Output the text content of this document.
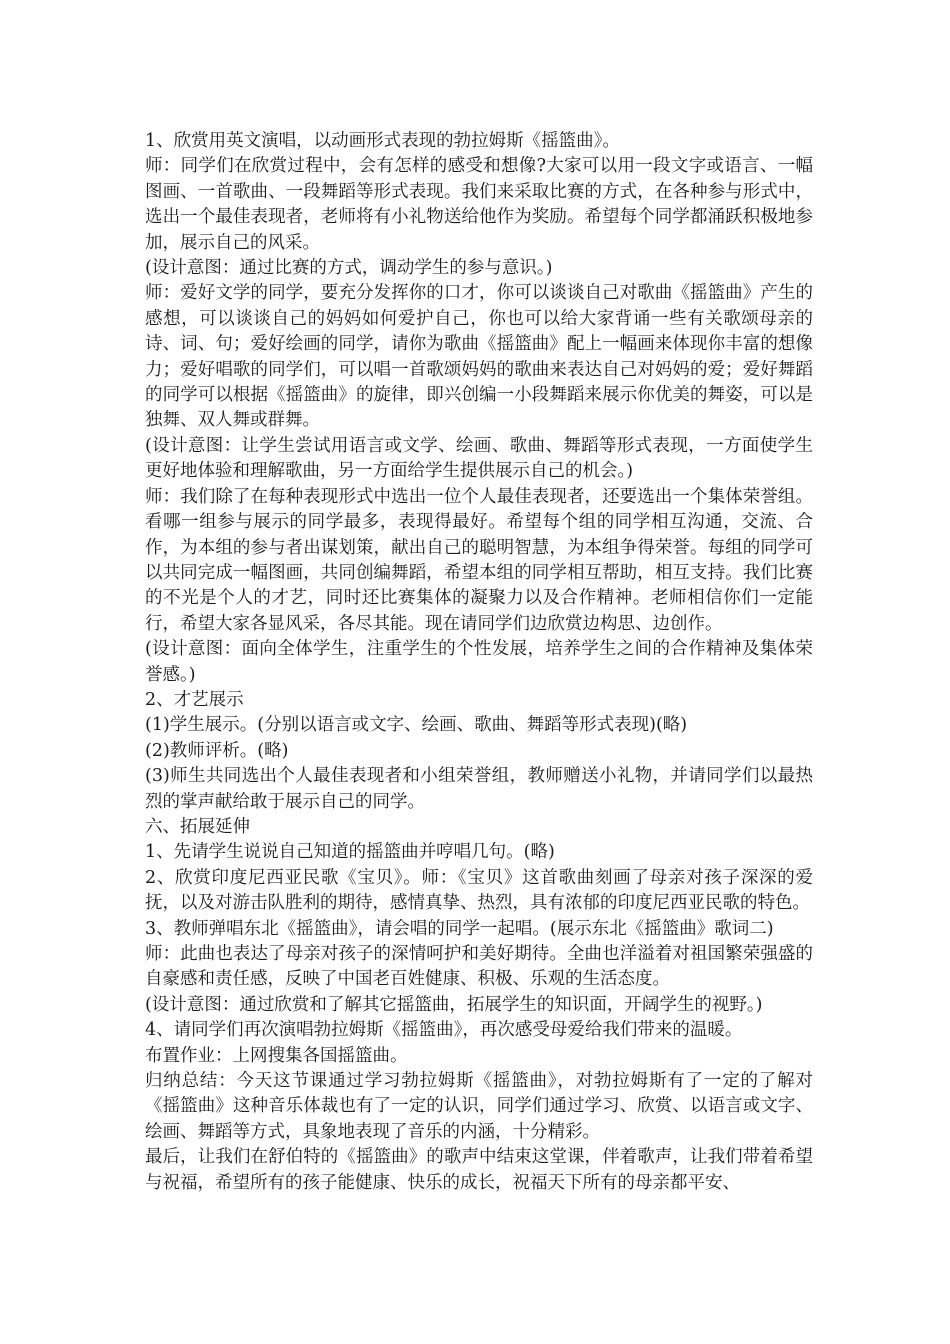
1、欣赏用英文演唱，以动画形式表现的勃拉姆斯《摇篮曲》。

师：同学们在欣赏过程中，会有怎样的感受和想像?大家可以用一段文字或语言、一幅图画、一首歌曲、一段舞蹈等形式表现。我们来采取比赛的方式，在各种参与形式中，选出一个最佳表现者，老师将有小礼物送给他作为奖励。希望每个同学都涌跃积极地参加，展示自己的风采。

(设计意图：通过比赛的方式，调动学生的参与意识。)

师：爱好文学的同学，要充分发挥你的口才，你可以谈谈自己对歌曲《摇篮曲》产生的感想，可以谈谈自己的妈妈如何爱护自己，你也可以给大家背诵一些有关歌颂母亲的诗、词、句；爱好绘画的同学，请你为歌曲《摇篮曲》配上一幅画来体现你丰富的想像力；爱好唱歌的同学们，可以唱一首歌颂妈妈的歌曲来表达自己对妈妈的爱；爱好舞蹈的同学可以根据《摇篮曲》的旋律，即兴创编一小段舞蹈来展示你优美的舞姿，可以是独舞、双人舞或群舞。

(设计意图：让学生尝试用语言或文学、绘画、歌曲、舞蹈等形式表现，一方面使学生更好地体验和理解歌曲，另一方面给学生提供展示自己的机会。)

师：我们除了在每种表现形式中选出一位个人最佳表现者，还要选出一个集体荣誉组。看哪一组参与展示的同学最多，表现得最好。希望每个组的同学相互沟通，交流、合作，为本组的参与者出谋划策，献出自己的聪明智慧，为本组争得荣誉。每组的同学可以共同完成一幅图画，共同创编舞蹈，希望本组的同学相互帮助，相互支持。我们比赛的不光是个人的才艺，同时还比赛集体的凝聚力以及合作精神。老师相信你们一定能行，希望大家各显风采，各尽其能。现在请同学们边欣赏边构思、边创作。

(设计意图：面向全体学生，注重学生的个性发展，培养学生之间的合作精神及集体荣誉感。)

2、才艺展示

(1)学生展示。(分别以语言或文字、绘画、歌曲、舞蹈等形式表现)(略)

(2)教师评析。(略)

(3)师生共同选出个人最佳表现者和小组荣誉组，教师赠送小礼物，并请同学们以最热烈的掌声献给敢于展示自己的同学。

六、拓展延伸

1、先请学生说说自己知道的摇篮曲并哼唱几句。(略)

2、欣赏印度尼西亚民歌《宝贝》。师：《宝贝》这首歌曲刻画了母亲对孩子深深的爱抚，以及对游击队胜利的期待，感情真挚、热烈，具有浓郁的印度尼西亚民歌的特色。

3、教师弹唱东北《摇篮曲》，请会唱的同学一起唱。(展示东北《摇篮曲》歌词二)

师：此曲也表达了母亲对孩子的深情呵护和美好期待。全曲也洋溢着对祖国繁荣强盛的自豪感和责任感，反映了中国老百姓健康、积极、乐观的生活态度。

(设计意图：通过欣赏和了解其它摇篮曲，拓展学生的知识面，开阔学生的视野。)

4、请同学们再次演唱勃拉姆斯《摇篮曲》，再次感受母爱给我们带来的温暖。

布置作业：上网搜集各国摇篮曲。

归纳总结：今天这节课通过学习勃拉姆斯《摇篮曲》，对勃拉姆斯有了一定的了解对《摇篮曲》这种音乐体裁也有了一定的认识，同学们通过学习、欣赏、以语言或文字、绘画、舞蹈等方式，具象地表现了音乐的内涵，十分精彩。

最后，让我们在舒伯特的《摇篮曲》的歌声中结束这堂课，伴着歌声，让我们带着希望与祝福，希望所有的孩子能健康、快乐的成长，祝福天下所有的母亲都平安、
